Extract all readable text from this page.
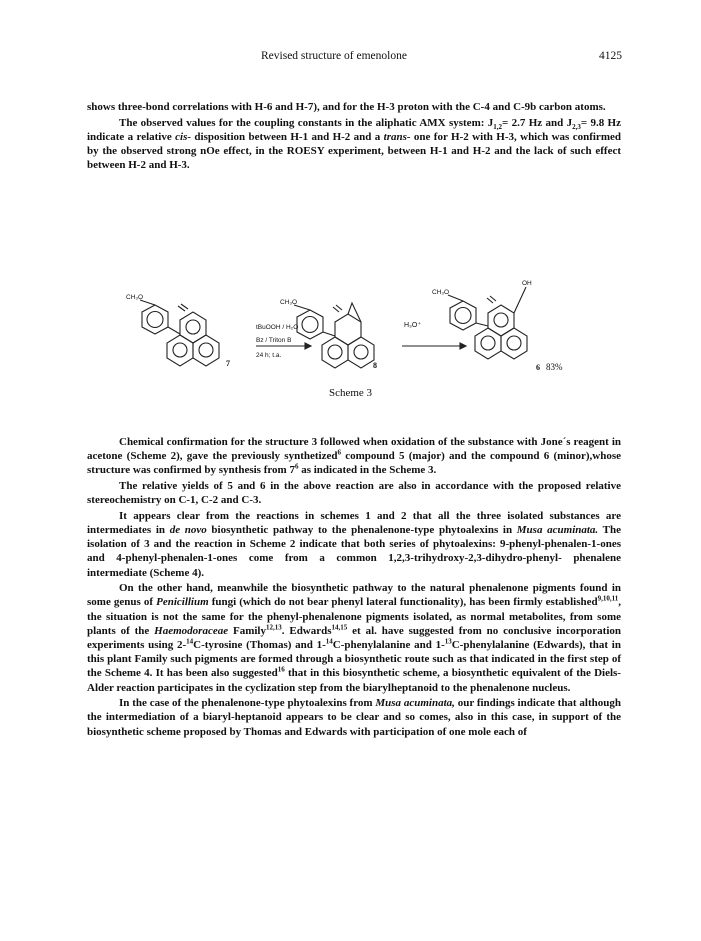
Revised structure of emenolone	4125

shows three-bond correlations with H-6 and H-7), and for the H-3 proton with the C-4 and C-9b carbon atoms.

The observed values for the coupling constants in the aliphatic AMX system: $J_{1,2}= 2.7$ Hz and $J_{2,3}= 9.8$ Hz indicate a relative cis- disposition between H-1 and H-2 and a trans- one for H-2 with H-3, which was confirmed by the observed strong nOe effect, in the ROESY experiment, between H-1 and H-2 and the lack of such effect between H-2 and H-3.

CH₃O
CH₃O
CH₃O
OH
tBuOOH / H₂O
Bz / Triton B
24 h; t.a.
H₃O⁺
7	8	6 83%
Scheme 3

Chemical confirmation for the structure 3 followed when oxidation of the substance with Jone´s reagent in acetone (Scheme 2), gave the previously synthetized$^6$ compound 5 (major) and the compound 6 (minor),whose structure was confirmed by synthesis from $7^6$ as indicated in the Scheme 3.

The relative yields of 5 and 6 in the above reaction are also in accordance with the proposed relative stereochemistry on C-1, C-2 and C-3.

It appears clear from the reactions in schemes 1 and 2 that all the three isolated substances are intermediates in de novo biosynthetic pathway to the phenalenone-type phytoalexins in Musa acuminata. The isolation of 3 and the reaction in Scheme 2 indicate that both series of phytoalexins: 9-phenyl-phenalen-1-ones and 4-phenyl-phenalen-1-ones come from a common 1,2,3-trihydroxy-2,3-dihydro-phenyl- phenalene intermediate (Scheme 4).

On the other hand, meanwhile the biosynthetic pathway to the natural phenalenone pigments found in some genus of Penicillium fungi (which do not bear phenyl lateral functionality), has been firmly established$^{9,10,11}$, the situation is not the same for the phenyl-phenalenone pigments isolated, as normal metabolites, from some plants of the Haemodoraceae Family$^{12,13}$. Edwards$^{14,15}$ et al. have suggested from no conclusive incorporation experiments using 2-$^{14}$C-tyrosine (Thomas) and 1-$^{14}$C-phenylalanine and 1-$^{13}$C-phenylalanine (Edwards), that in this plant Family such pigments are formed through a biosynthetic route such as that indicated in the first step of the Scheme 4. It has been also suggested$^{16}$ that in this biosynthetic scheme, a biosynthetic equivalent of the Diels-Alder reaction participates in the cyclization step from the biarylheptanoid to the phenalenone nucleus.

In the case of the phenalenone-type phytoalexins from Musa acuminata, our findings indicate that although the intermediation of a biaryl-heptanoid appears to be clear and so comes, also in this case, in support of the biosynthetic scheme proposed by Thomas and Edwards with participation of one mole each of
